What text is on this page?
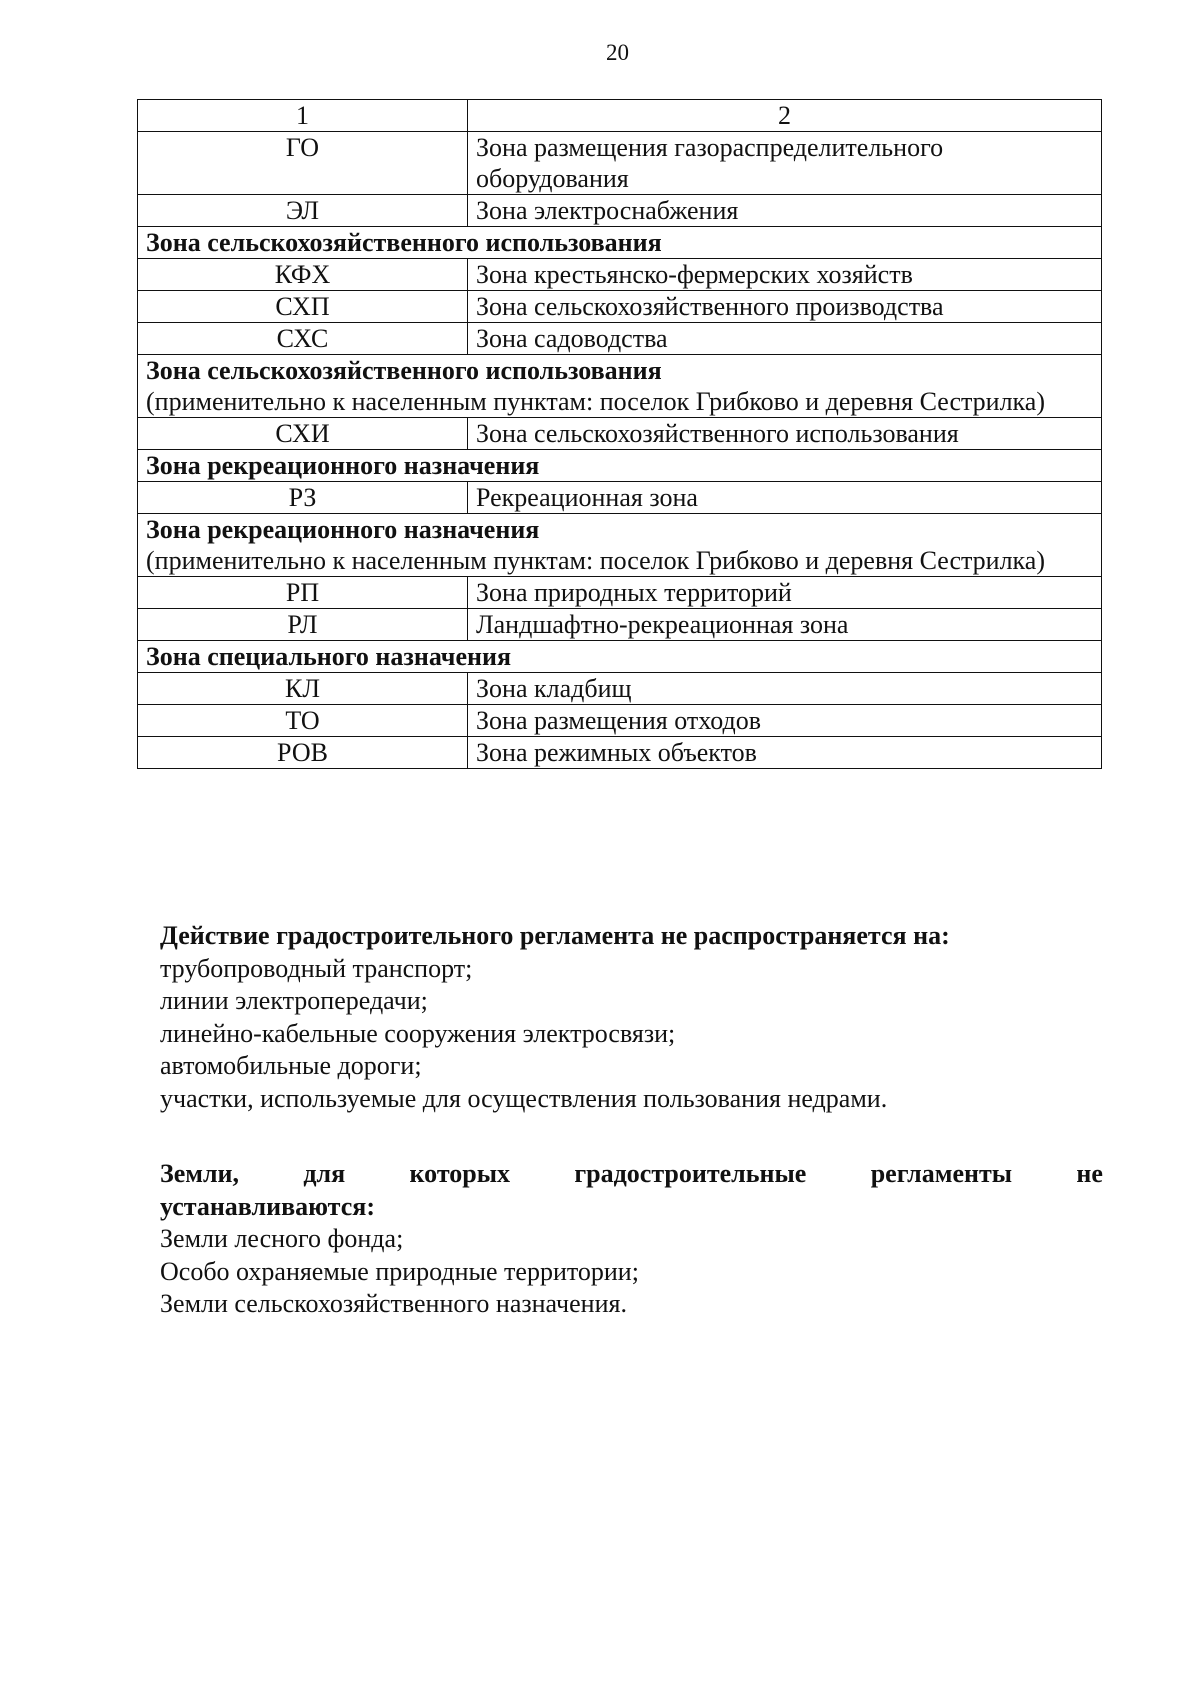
20
1	2
ГО	Зона размещения газораспределительного оборудования
ЭЛ	Зона электроснабжения

Зона сельскохозяйственного использования	

КФХ	Зона крестьянско-фермерских хозяйств
СХП	Зона сельскохозяйственного производства
СХС	Зона садоводства

Зона сельскохозяйственного использования
(применительно к населенным пунктам: поселок Грибково и деревня Сестрилка)	
СХИ	Зона сельскохозяйственного использования

Зона рекреационного назначения	

РЗ	Рекреационная зона

Зона рекреационного назначения
(применительно к населенным пунктам: поселок Грибково и деревня Сестрилка)	
РП	Зона природных территорий
РЛ	Ландшафтно-рекреационная зона

Зона специального назначения	

КЛ	Зона кладбищ
ТО	Зона размещения отходов
РОВ	Зона режимных объектов
Действие градостроительного регламента не распространяется на:
трубопроводный транспорт;
линии электропередачи;
линейно-кабельные сооружения электросвязи;
автомобильные дороги;
участки, используемые для осуществления пользования недрами.
Земли, для которых градостроительные регламенты не
устанавливаются:
Земли лесного фонда;
Особо охраняемые природные территории;
Земли сельскохозяйственного назначения.
